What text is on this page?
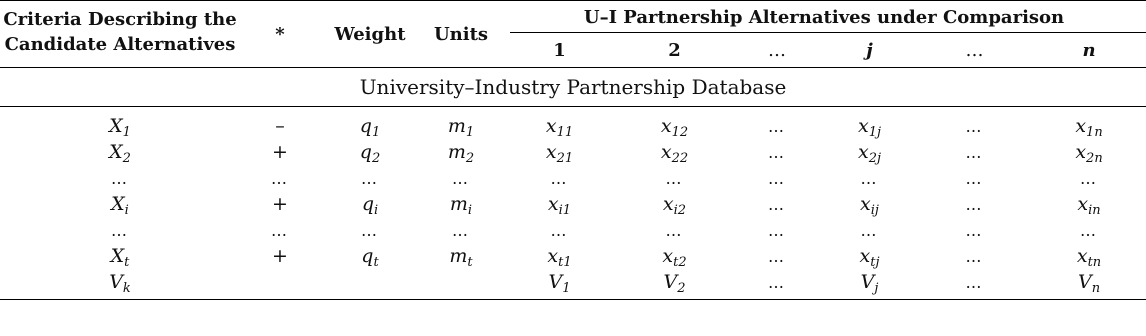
Criteria Describing the
Candidate Alternatives	*	Weight	Units	U–I Partnership Alternatives under Comparison					

				1	2	…	j	…	n
University–Industry Partnership Database									
$X_1$	–	$q_1$	$m_1$	$x_{11}$	$x_{12}$	…	$x_{1j}$	…	$x_{1n}$
$X_2$	+	$q_2$	$m_2$	$x_{21}$	$x_{22}$	…	$x_{2j}$	…	$x_{2n}$
…	…	…	…	…	…	…	…	…	…
$X_i$	+	$q_i$	$m_i$	$x_{i1}$	$x_{i2}$	…	$x_{ij}$	…	$x_{in}$
…	…	…	…	…	…	…	…	…	…
$X_t$	+	$q_t$	$m_t$	$x_{t1}$	$x_{t2}$	…	$x_{tj}$	…	$x_{tn}$
$V_k$				$V_1$	$V_2$	…	$V_j$	…	$V_n$
